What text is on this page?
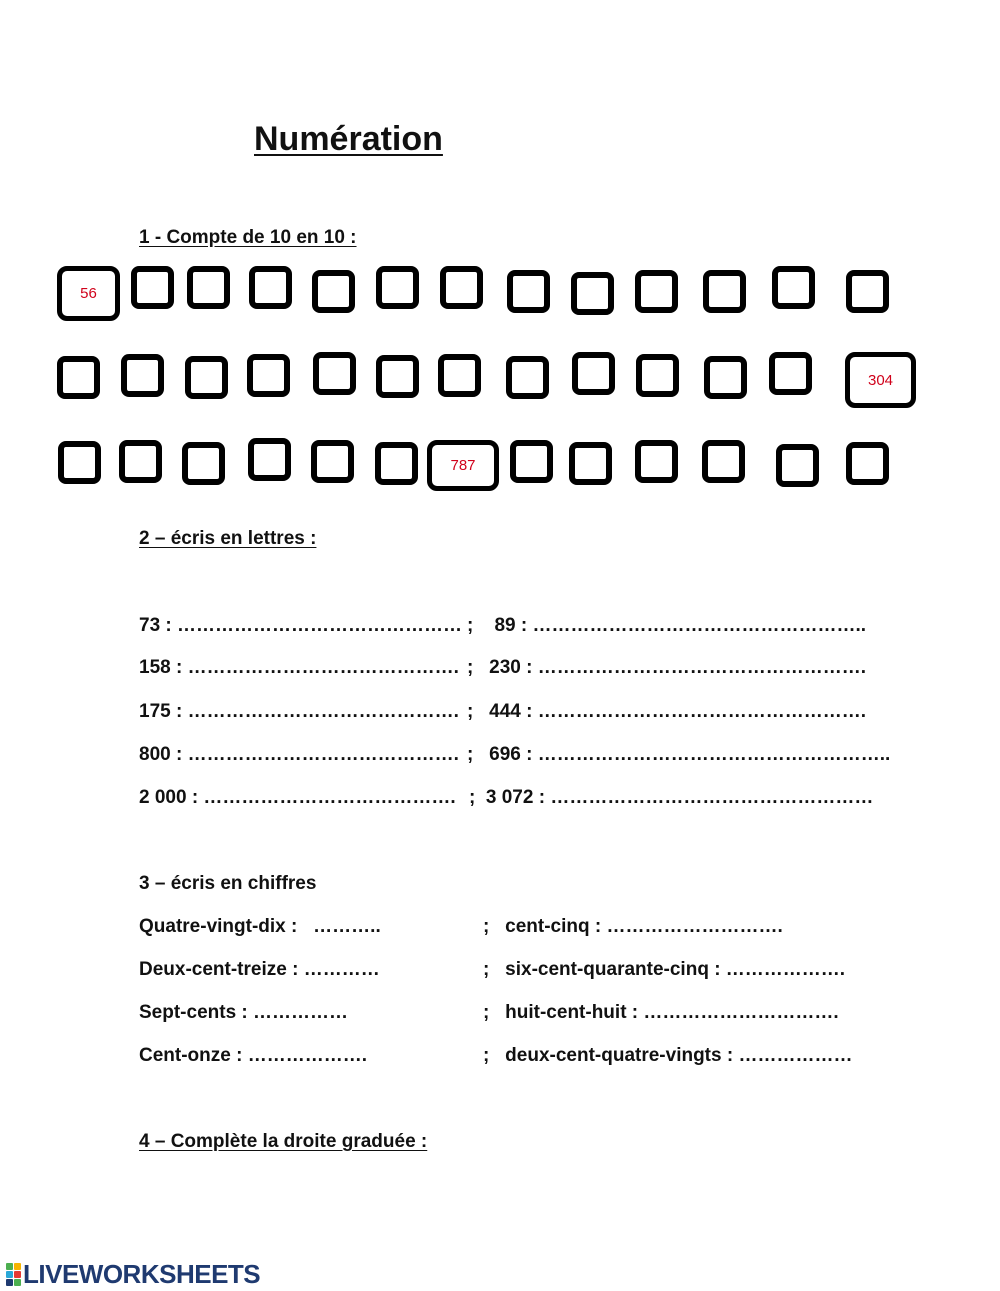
Numération
1 - Compte de 10 en 10 :
56
304
787
2 – écris en lettres :
73 : ……………………………………… ;    89 : ……………………………………………..
158 : ……………………………………. ;   230 : …………………………………………….
175 : ……………………………………. ;   444 : …………………………………………….
800 : ……………………………………. ;   696 : ………………………………………………..
2 000 : …………………………………. ;  3 072 : ……………………………………………
3 – écris en chiffres
Quatre-vingt-dix :   ………..	;   cent-cinq : ……………………….
Deux-cent-treize : …………	;   six-cent-quarante-cinq : ……………….
Sept-cents : ……………	;   huit-cent-huit : ………………………….
Cent-onze : ……………….	;   deux-cent-quatre-vingts : ………………
4 – Complète la droite graduée :
LIVEWORKSHEETS
